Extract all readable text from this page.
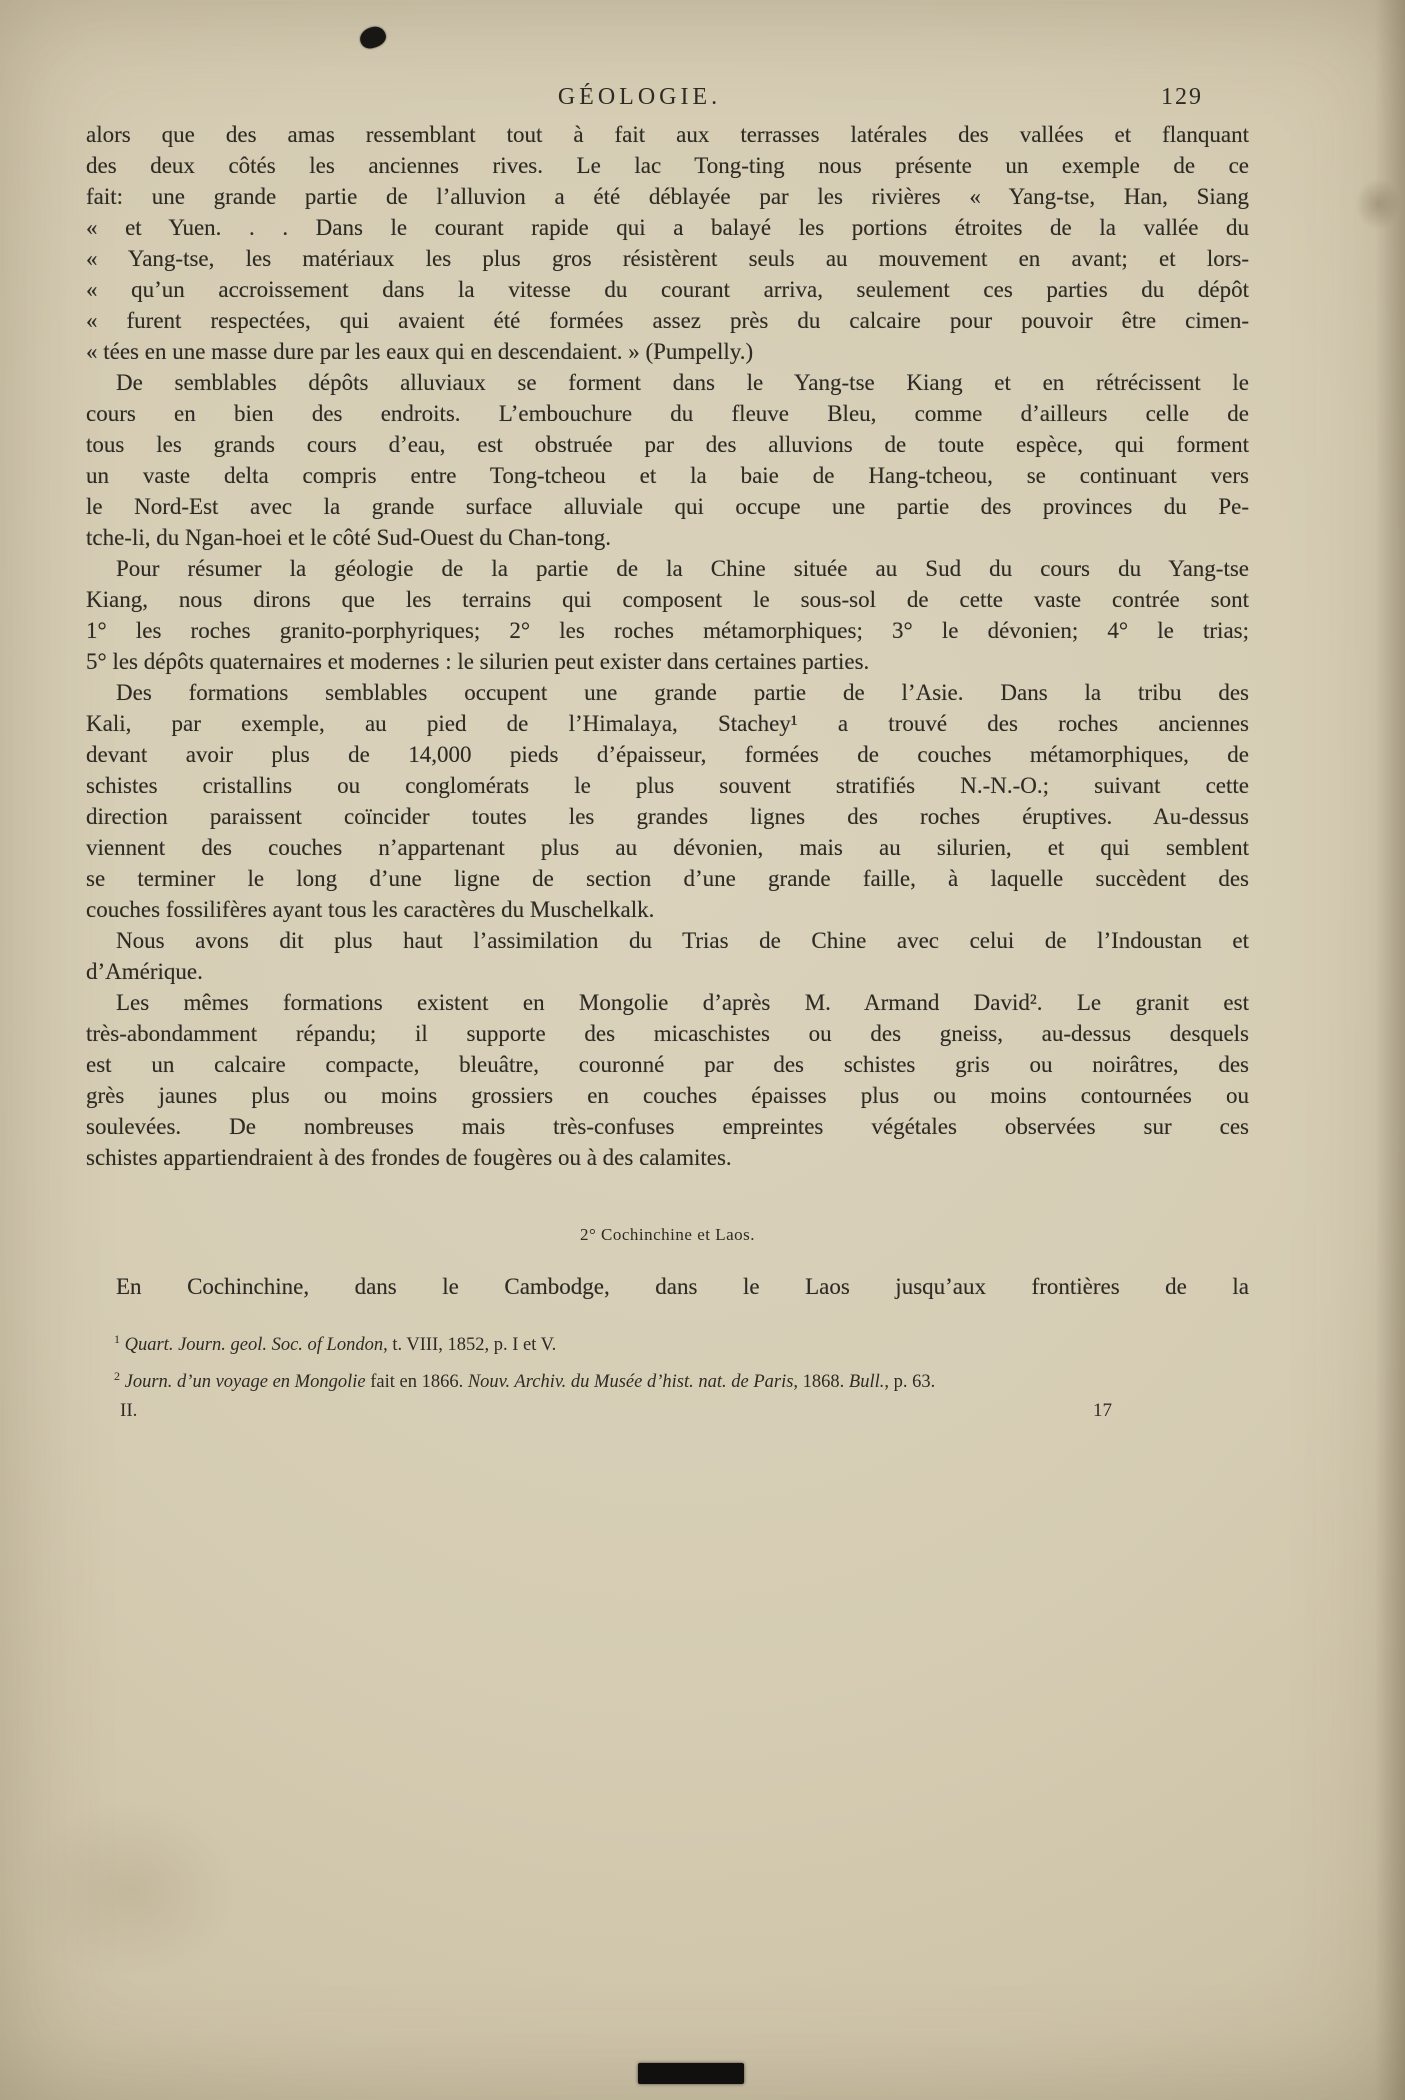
GÉOLOGIE.	129
alors que des amas ressemblant tout à fait aux terrasses latérales des vallées et flanquant
des deux côtés les anciennes rives. Le lac Tong-ting nous présente un exemple de ce
fait: une grande partie de l’alluvion a été déblayée par les rivières « Yang-tse, Han, Siang
« et Yuen. . . Dans le courant rapide qui a balayé les portions étroites de la vallée du
« Yang-tse, les matériaux les plus gros résistèrent seuls au mouvement en avant; et lors-
« qu’un accroissement dans la vitesse du courant arriva, seulement ces parties du dépôt
« furent respectées, qui avaient été formées assez près du calcaire pour pouvoir être cimen-
« tées en une masse dure par les eaux qui en descendaient. » (Pumpelly.)
De semblables dépôts alluviaux se forment dans le Yang-tse Kiang et en rétrécissent le
cours en bien des endroits. L’embouchure du fleuve Bleu, comme d’ailleurs celle de
tous les grands cours d’eau, est obstruée par des alluvions de toute espèce, qui forment
un vaste delta compris entre Tong-tcheou et la baie de Hang-tcheou, se continuant vers
le Nord-Est avec la grande surface alluviale qui occupe une partie des provinces du Pe-
tche-li, du Ngan-hoei et le côté Sud-Ouest du Chan-tong.
Pour résumer la géologie de la partie de la Chine située au Sud du cours du Yang-tse
Kiang, nous dirons que les terrains qui composent le sous-sol de cette vaste contrée sont
1° les roches granito-porphyriques; 2° les roches métamorphiques; 3° le dévonien; 4° le trias;
5° les dépôts quaternaires et modernes : le silurien peut exister dans certaines parties.
Des formations semblables occupent une grande partie de l’Asie. Dans la tribu des
Kali, par exemple, au pied de l’Himalaya, Stachey¹ a trouvé des roches anciennes
devant avoir plus de 14,000 pieds d’épaisseur, formées de couches métamorphiques, de
schistes cristallins ou conglomérats le plus souvent stratifiés N.-N.-O.; suivant cette
direction paraissent coïncider toutes les grandes lignes des roches éruptives. Au-dessus
viennent des couches n’appartenant plus au dévonien, mais au silurien, et qui semblent
se terminer le long d’une ligne de section d’une grande faille, à laquelle succèdent des
couches fossilifères ayant tous les caractères du Muschelkalk.
Nous avons dit plus haut l’assimilation du Trias de Chine avec celui de l’Indoustan et
d’Amérique.
Les mêmes formations existent en Mongolie d’après M. Armand David². Le granit est
très-abondamment répandu; il supporte des micaschistes ou des gneiss, au-dessus desquels
est un calcaire compacte, bleuâtre, couronné par des schistes gris ou noirâtres, des
grès jaunes plus ou moins grossiers en couches épaisses plus ou moins contournées ou
soulevées. De nombreuses mais très-confuses empreintes végétales observées sur ces
schistes appartiendraient à des frondes de fougères ou à des calamites.
2° Cochinchine et Laos.
En Cochinchine, dans le Cambodge, dans le Laos jusqu’aux frontières de la
$^1$ Quart. Journ. geol. Soc. of London, t. VIII, 1852, p. I et V.
$^2$ Journ. d’un voyage en Mongolie fait en 1866. Nouv. Archiv. du Musée d’hist. nat. de Paris, 1868. Bull., p. 63.
II.	17
